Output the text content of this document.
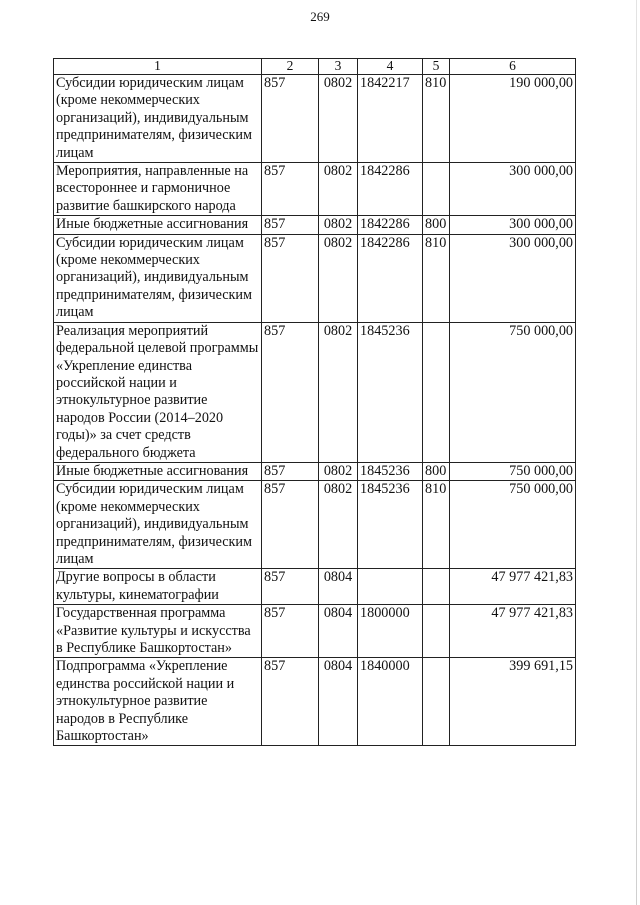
269
1	2	3	4	5	6
Субсидии юридическим лицам (кроме некоммерческих организаций), индивидуальным предпринимателям, физическим лицам	857	0802	1842217	810	190 000,00
Мероприятия, направленные на всестороннее и гармоничное развитие башкирского народа	857	0802	1842286		300 000,00
Иные бюджетные ассигнования	857	0802	1842286	800	300 000,00
Субсидии юридическим лицам (кроме некоммерческих организаций), индивидуальным предпринимателям, физическим лицам	857	0802	1842286	810	300 000,00
Реализация мероприятий федеральной целевой программы «Укрепление единства российской нации и этнокультурное развитие народов России (2014–2020 годы)» за счет средств федерального бюджета	857	0802	1845236		750 000,00
Иные бюджетные ассигнования	857	0802	1845236	800	750 000,00
Субсидии юридическим лицам (кроме некоммерческих организаций), индивидуальным предпринимателям, физическим лицам	857	0802	1845236	810	750 000,00
Другие вопросы в области культуры, кинематографии	857	0804			47 977 421,83
Государственная программа «Развитие культуры и искусства в Республике Башкортостан»	857	0804	1800000		47 977 421,83
Подпрограмма «Укрепление единства российской нации и этнокультурное развитие народов в Республике Башкортостан»	857	0804	1840000		399 691,15
